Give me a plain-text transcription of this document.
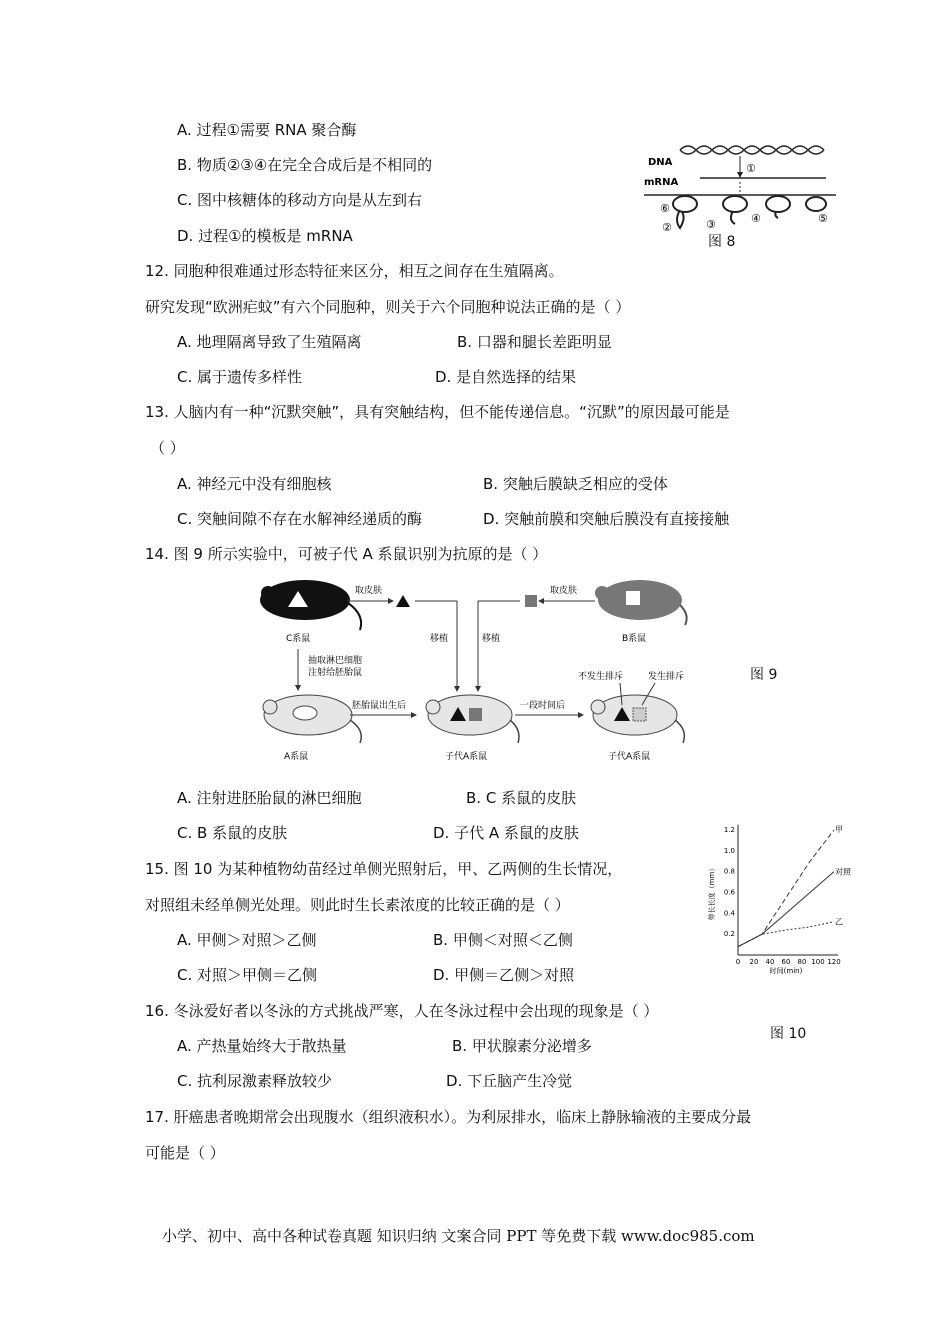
A. 过程①需要 RNA 聚合酶
B. 物质②③④在完全合成后是不相同的
C. 图中核糖体的移动方向是从左到右
D. 过程①的模板是 mRNA
DNA	①
mRNA
⑥
②	③	④	⑤
图 8
12. 同胞种很难通过形态特征来区分，相互之间存在生殖隔离。
研究发现“欧洲疟蚊”有六个同胞种，则关于六个同胞种说法正确的是（ ）
A. 地理隔离导致了生殖隔离	B. 口器和腿长差距明显
C. 属于遗传多样性	D. 是自然选择的结果
13. 人脑内有一种“沉默突触”，具有突触结构，但不能传递信息。“沉默”的原因最可能是
（ ）
A. 神经元中没有细胞核	B. 突触后膜缺乏相应的受体
C. 突触间隙不存在水解神经递质的酶	D. 突触前膜和突触后膜没有直接接触
14. 图 9 所示实验中，可被子代 A 系鼠识别为抗原的是（ ）
C系鼠
取皮肤
移植	B系鼠
取皮肤
移植
抽取淋巴细胞
注射给胚胎鼠
A系鼠
胚胎鼠出生后
子代A系鼠
一段时间后
子代A系鼠
不发生排斥	发生排斥	图 9
A. 注射进胚胎鼠的淋巴细胞	B. C 系鼠的皮肤
C. B 系鼠的皮肤	D. 子代 A 系鼠的皮肤
15. 图 10 为某种植物幼苗经过单侧光照射后，甲、乙两侧的生长情况，
对照组未经单侧光处理。则此时生长素浓度的比较正确的是（ ）
A. 甲侧＞对照＞乙侧	B. 甲侧＜对照＜乙侧
C. 对照＞甲侧＝乙侧	D. 甲侧＝乙侧＞对照
0 20 40 60 80 100 120
0.2
0.4
0.6
0.8
1.0
1.2
时间(min)
伸长长度（mm）
甲
对照
乙
图 10
16. 冬泳爱好者以冬泳的方式挑战严寒，人在冬泳过程中会出现的现象是（ ）
A. 产热量始终大于散热量	B. 甲状腺素分泌增多
C. 抗利尿激素释放较少	D. 下丘脑产生冷觉
17. 肝癌患者晚期常会出现腹水（组织液积水）。为利尿排水，临床上静脉输液的主要成分最
可能是（ ）
小学、初中、高中各种试卷真题 知识归纳 文案合同 PPT 等免费下载 www.doc985.com
